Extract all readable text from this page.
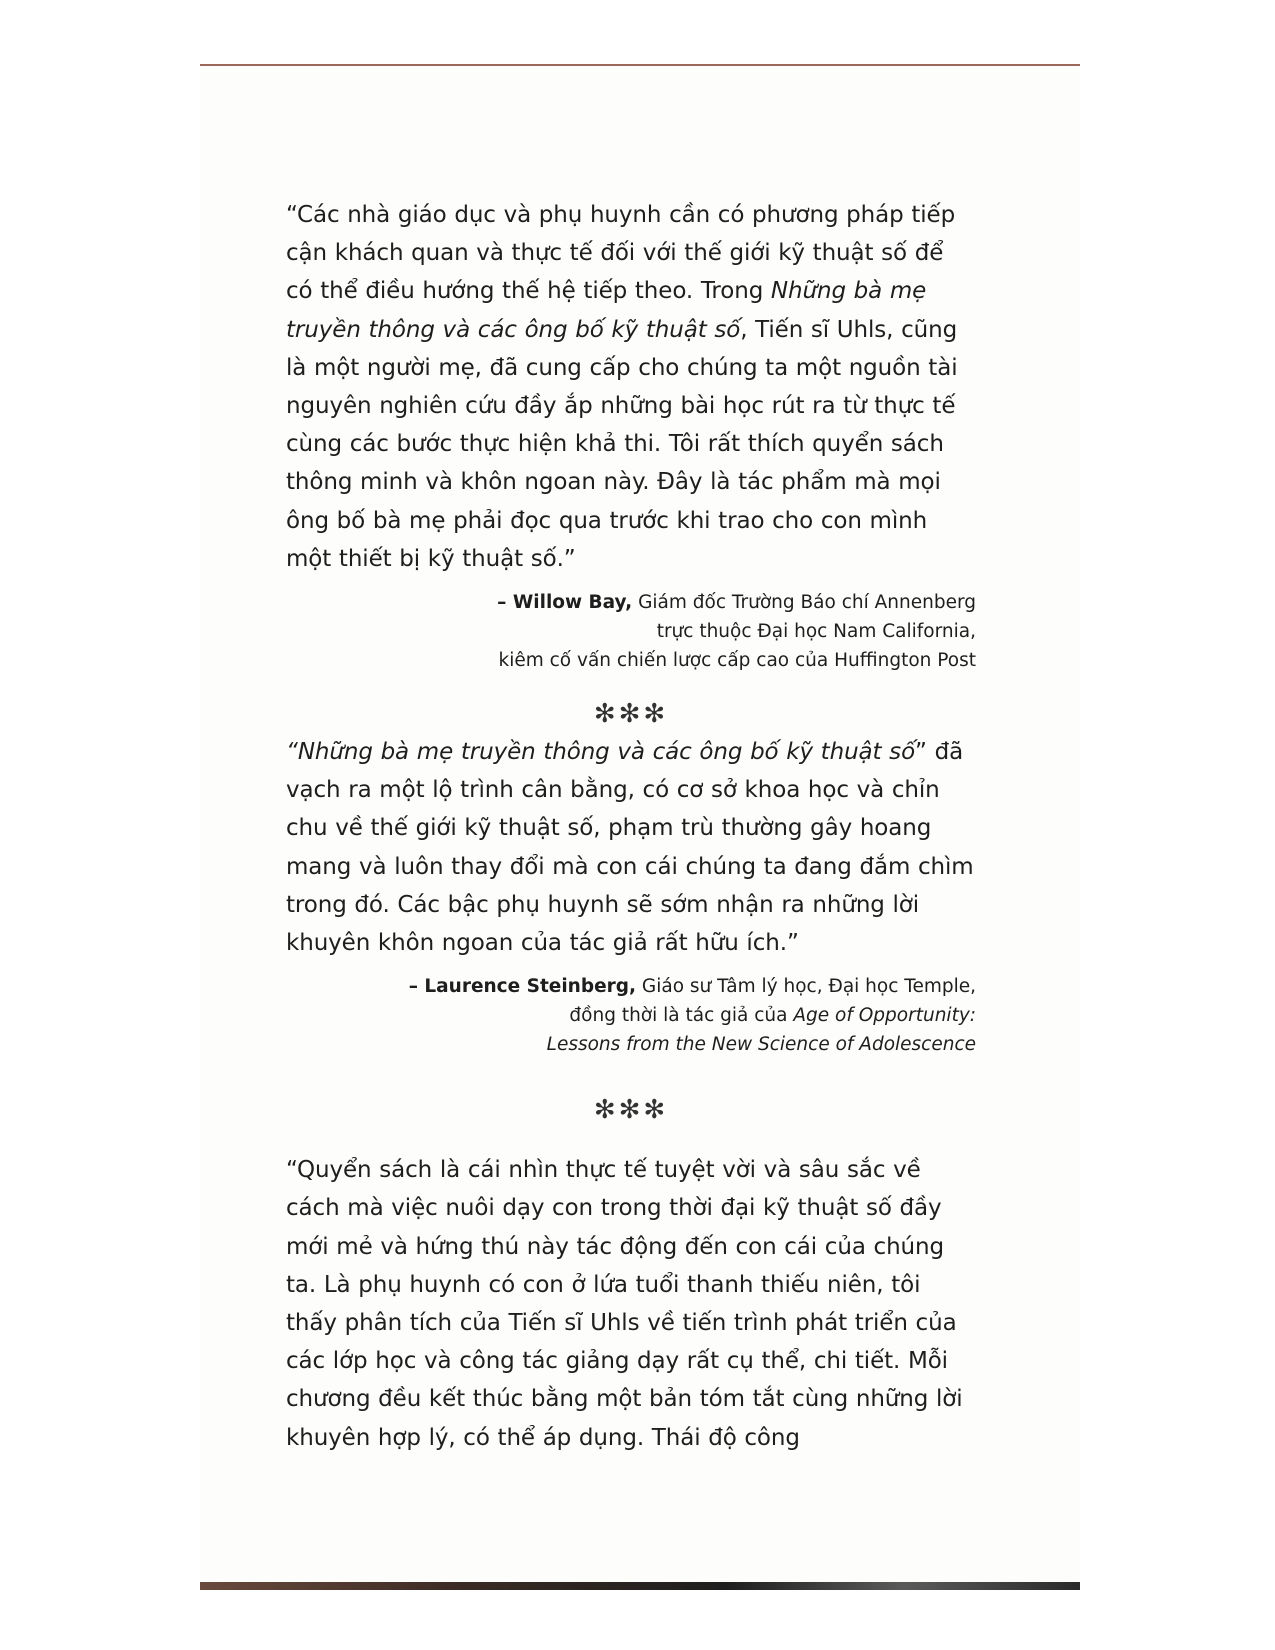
“Các nhà giáo dục và phụ huynh cần có phương pháp tiếp cận khách quan và thực tế đối với thế giới kỹ thuật số để có thể điều hướng thế hệ tiếp theo. Trong Những bà mẹ truyền thông và các ông bố kỹ thuật số, Tiến sĩ Uhls, cũng là một người mẹ, đã cung cấp cho chúng ta một nguồn tài nguyên nghiên cứu đầy ắp những bài học rút ra từ thực tế cùng các bước thực hiện khả thi. Tôi rất thích quyển sách thông minh và khôn ngoan này. Đây là tác phẩm mà mọi ông bố bà mẹ phải đọc qua trước khi trao cho con mình một thiết bị kỹ thuật số.”

– Willow Bay, Giám đốc Trường Báo chí Annenberg
trực thuộc Đại học Nam California,
kiêm cố vấn chiến lược cấp cao của Huffington Post
✻✻✻

“Những bà mẹ truyền thông và các ông bố kỹ thuật số” đã vạch ra một lộ trình cân bằng, có cơ sở khoa học và chỉn chu về thế giới kỹ thuật số, phạm trù thường gây hoang mang và luôn thay đổi mà con cái chúng ta đang đắm chìm trong đó. Các bậc phụ huynh sẽ sớm nhận ra những lời khuyên khôn ngoan của tác giả rất hữu ích.”

– Laurence Steinberg, Giáo sư Tâm lý học, Đại học Temple,
đồng thời là tác giả của Age of Opportunity:
Lessons from the New Science of Adolescence
✻✻✻

“Quyển sách là cái nhìn thực tế tuyệt vời và sâu sắc về cách mà việc nuôi dạy con trong thời đại kỹ thuật số đầy mới mẻ và hứng thú này tác động đến con cái của chúng ta. Là phụ huynh có con ở lứa tuổi thanh thiếu niên, tôi thấy phân tích của Tiến sĩ Uhls về tiến trình phát triển của các lớp học và công tác giảng dạy rất cụ thể, chi tiết. Mỗi chương đều kết thúc bằng một bản tóm tắt cùng những lời khuyên hợp lý, có thể áp dụng. Thái độ công
